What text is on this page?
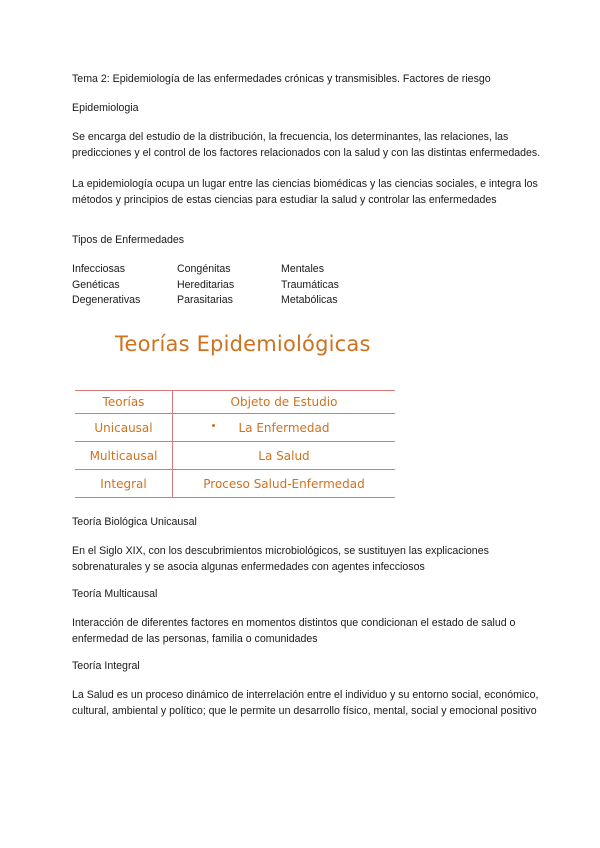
Tema 2: Epidemiología de las enfermedades crónicas y transmisibles. Factores de riesgo
Epidemiologia
Se encarga del estudio de la distribución, la frecuencia, los determinantes, las relaciones, las predicciones y el control de los factores relacionados con la salud y con las distintas enfermedades.
La epidemiología ocupa un lugar entre las ciencias biomédicas y las ciencias sociales, e integra los métodos y principios de estas ciencias para estudiar la salud y controlar las enfermedades
Tipos de Enfermedades
Infecciosas	Congénitas	Mentales
Genéticas	Hereditarias	Traumáticas
Degenerativas	Parasitarias	Metabólicas
Teorías Epidemiológicas
Teorías	Objeto de Estudio
Unicausal	La Enfermedad
Multicausal	La Salud
Integral	Proceso Salud-Enfermedad
Teoría Biológica Unicausal
En el Siglo XIX, con los descubrimientos microbiológicos, se sustituyen las explicaciones sobrenaturales y se asocia algunas enfermedades con agentes infecciosos
Teoría Multicausal
Interacción de diferentes factores en momentos distintos que condicionan el estado de salud o enfermedad de las personas, familia o comunidades
Teoría Integral
La Salud es un proceso dinámico de interrelación entre el individuo y su entorno social, económico, cultural, ambiental y político; que le permite un desarrollo físico, mental, social y emocional positivo
